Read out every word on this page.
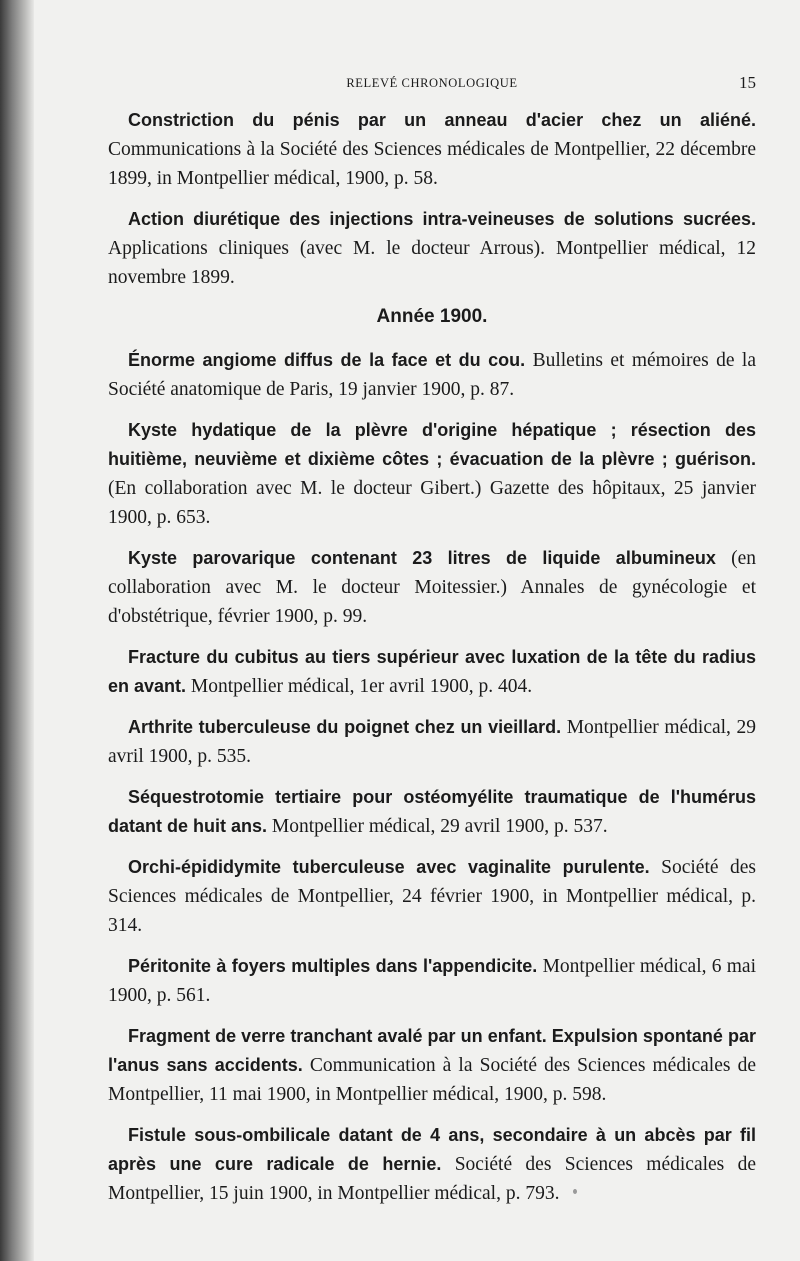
RELEVÉ CHRONOLOGIQUE	15

Constriction du pénis par un anneau d'acier chez un aliéné. Communications à la Société des Sciences médicales de Montpellier, 22 décembre 1899, in Montpellier médical, 1900, p. 58.

Action diurétique des injections intra-veineuses de solutions sucrées. Applications cliniques (avec M. le docteur Arrous). Montpellier médical, 12 novembre 1899.

Année 1900.

Énorme angiome diffus de la face et du cou. Bulletins et mémoires de la Société anatomique de Paris, 19 janvier 1900, p. 87.

Kyste hydatique de la plèvre d'origine hépatique ; résection des huitième, neuvième et dixième côtes ; évacuation de la plèvre ; guérison. (En collaboration avec M. le docteur Gibert.) Gazette des hôpitaux, 25 janvier 1900, p. 653.

Kyste parovarique contenant 23 litres de liquide albumineux (en collaboration avec M. le docteur Moitessier.) Annales de gynécologie et d'obstétrique, février 1900, p. 99.

Fracture du cubitus au tiers supérieur avec luxation de la tête du radius en avant. Montpellier médical, 1er avril 1900, p. 404.

Arthrite tuberculeuse du poignet chez un vieillard. Montpellier médical, 29 avril 1900, p. 535.

Séquestrotomie tertiaire pour ostéomyélite traumatique de l'humérus datant de huit ans. Montpellier médical, 29 avril 1900, p. 537.

Orchi-épididymite tuberculeuse avec vaginalite purulente. Société des Sciences médicales de Montpellier, 24 février 1900, in Montpellier médical, p. 314.

Péritonite à foyers multiples dans l'appendicite. Montpellier médical, 6 mai 1900, p. 561.

Fragment de verre tranchant avalé par un enfant. Expulsion spontané par l'anus sans accidents. Communication à la Société des Sciences médicales de Montpellier, 11 mai 1900, in Montpellier médical, 1900, p. 598.

Fistule sous-ombilicale datant de 4 ans, secondaire à un abcès par fil après une cure radicale de hernie. Société des Sciences médicales de Montpellier, 15 juin 1900, in Montpellier médical, p. 793.
